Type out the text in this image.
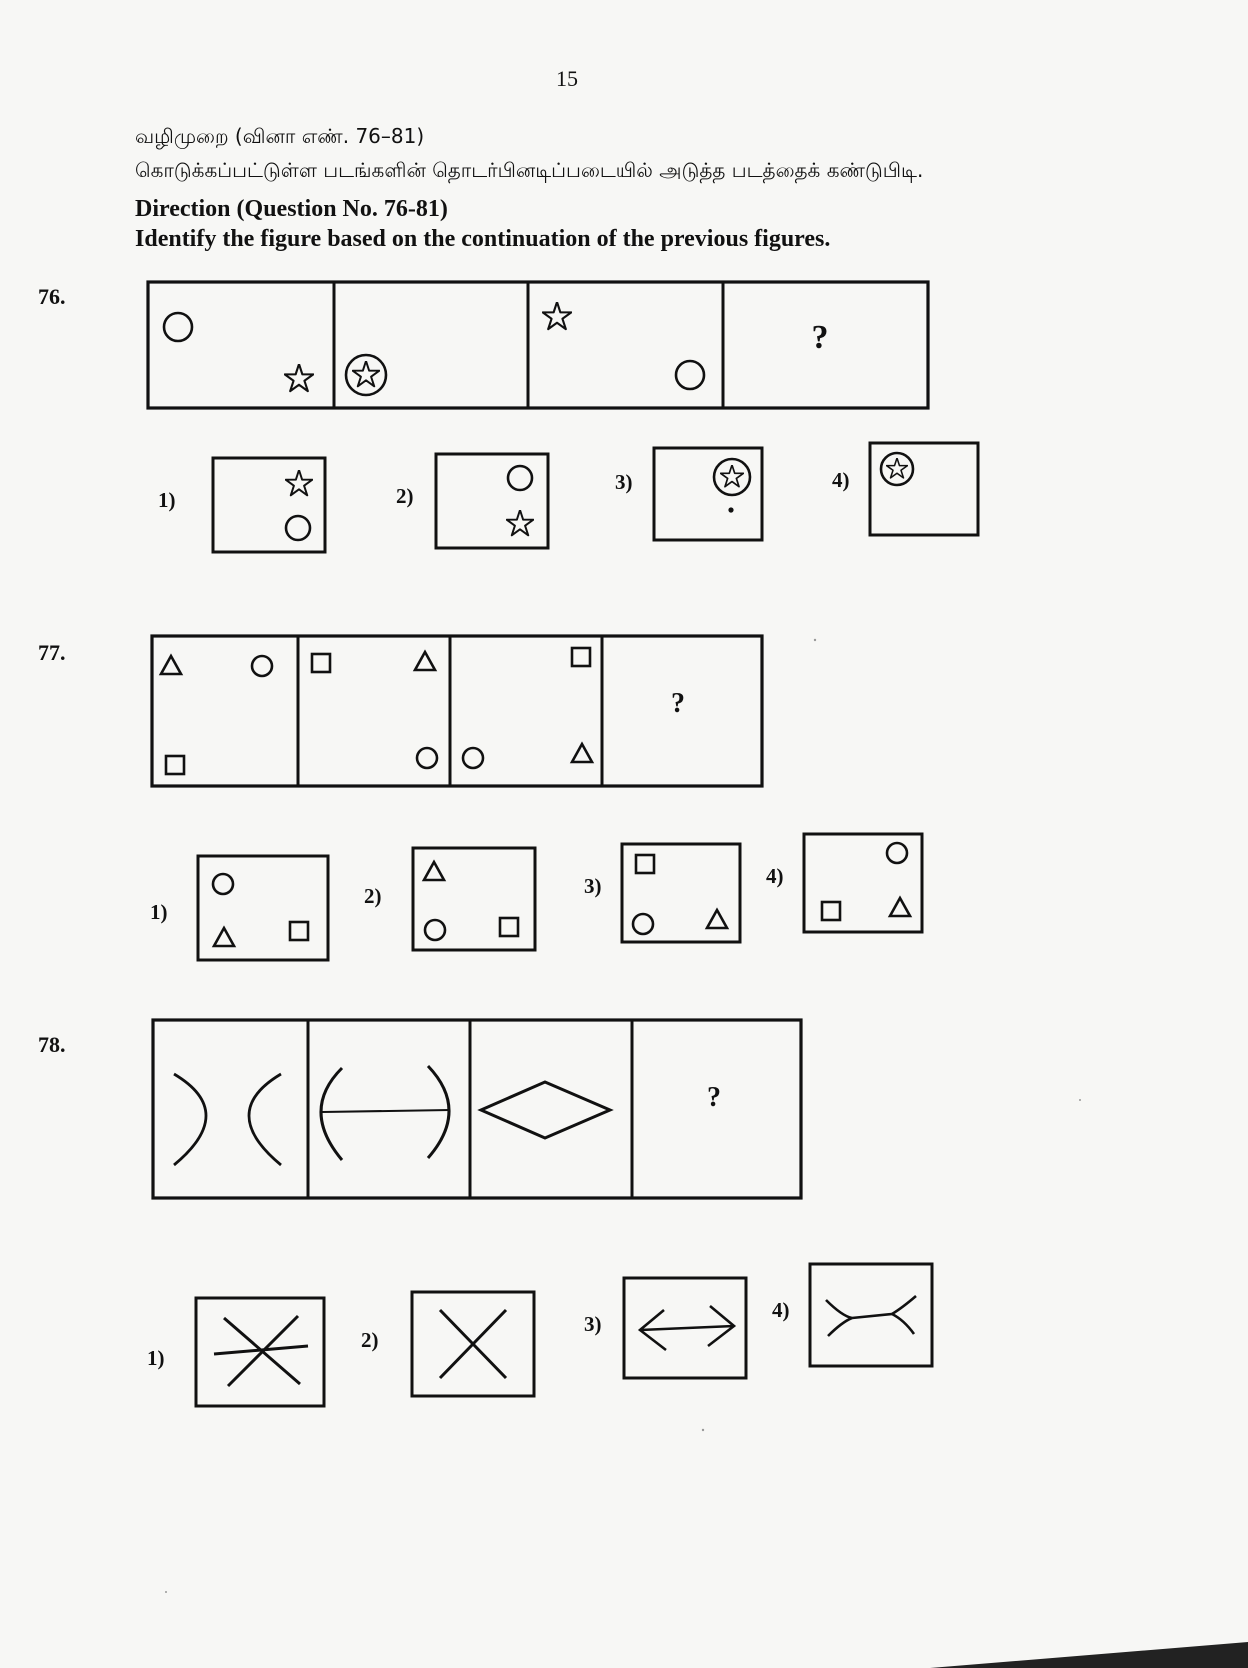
15
வழிமுறை (வினா எண். 76–81)
கொடுக்கப்பட்டுள்ள படங்களின் தொடர்பினடிப்படையில் அடுத்த படத்தைக் கண்டுபிடி.
Direction (Question No. 76-81)
Identify the figure based on the continuation of the previous figures.
76.
77.
78.
1)	2)
3)	4)
1)
2)	3)	4)
1)
2)
3)
4)
?
?
?
